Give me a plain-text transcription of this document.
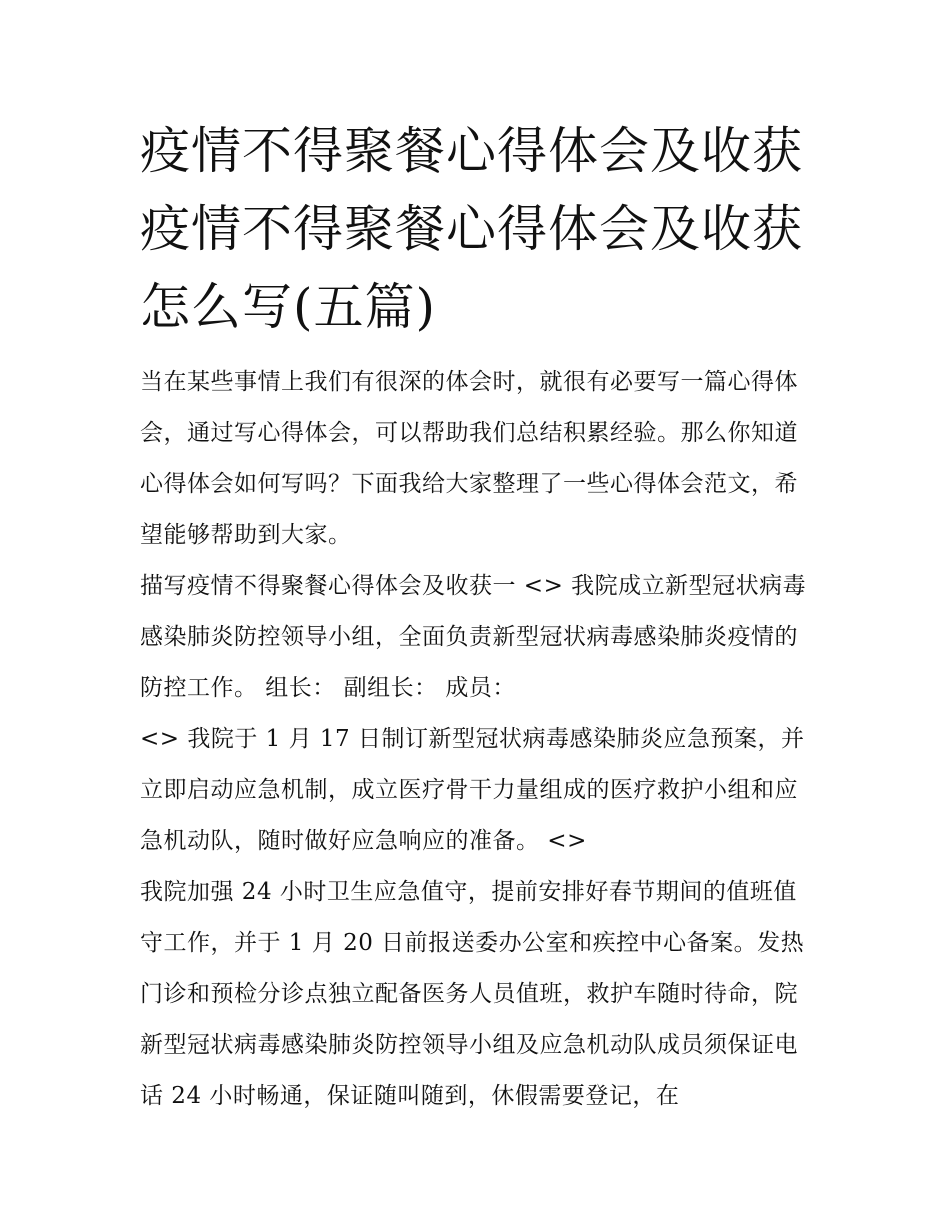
疫情不得聚餐心得体会及收获疫情不得聚餐心得体会及收获怎么写(五篇)

当在某些事情上我们有很深的体会时，就很有必要写一篇心得体会，通过写心得体会，可以帮助我们总结积累经验。那么你知道心得体会如何写吗？下面我给大家整理了一些心得体会范文，希望能够帮助到大家。

描写疫情不得聚餐心得体会及收获一 <> 我院成立新型冠状病毒感染肺炎防控领导小组，全面负责新型冠状病毒感染肺炎疫情的防控工作。 组长： 副组长： 成员：

<> 我院于 1 月 17 日制订新型冠状病毒感染肺炎应急预案，并立即启动应急机制，成立医疗骨干力量组成的医疗救护小组和应急机动队，随时做好应急响应的准备。 <>

我院加强 24 小时卫生应急值守，提前安排好春节期间的值班值守工作，并于 1 月 20 日前报送委办公室和疾控中心备案。发热门诊和预检分诊点独立配备医务人员值班，救护车随时待命，院新型冠状病毒感染肺炎防控领导小组及应急机动队成员须保证电话 24 小时畅通，保证随叫随到，休假需要登记，在
